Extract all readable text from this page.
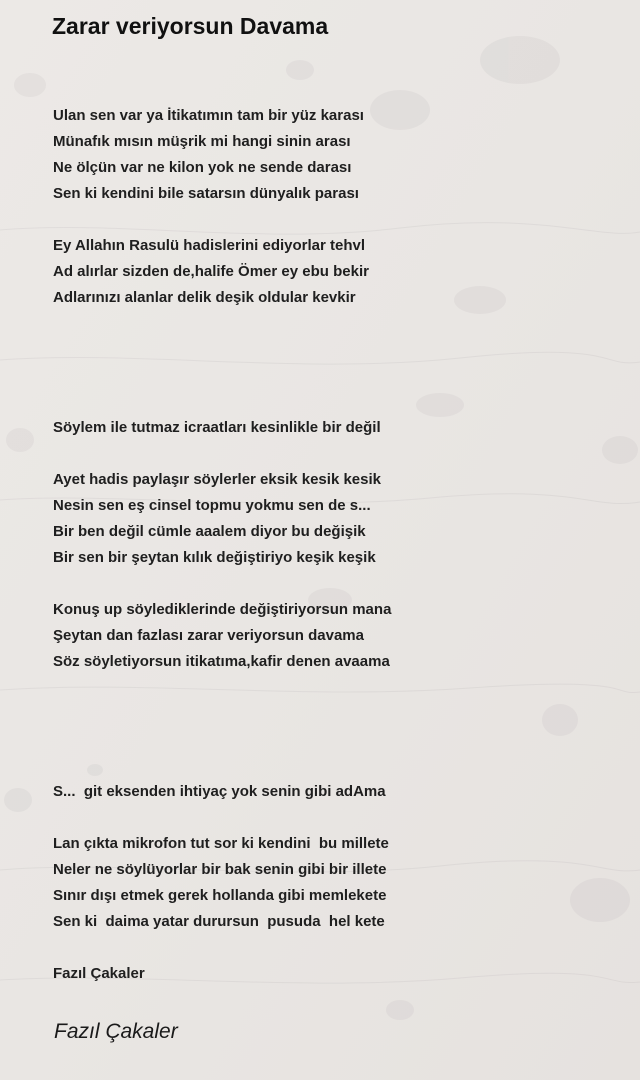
Zarar veriyorsun Davama
Ulan sen var ya İtikatımın tam bir yüz karası
Münafık mısın müşrik mi hangi sinin arası
Ne ölçün var ne kilon yok ne sende darası
Sen ki kendini bile satarsın dünyalık parası
Ey Allahın Rasulü hadislerini ediyorlar tehvl
Ad alırlar sizden de,halife Ömer ey ebu bekir
Adlarınızı alanlar delik deşik oldular kevkir
Söylem ile tutmaz icraatları kesinlikle bir değil
Ayet hadis paylaşır söylerler eksik kesik kesik
Nesin sen eş cinsel topmu yokmu sen de s...
Bir ben değil cümle aaalem diyor bu değişik
Bir sen bir şeytan kılık değiştiriyo keşik keşik
Konuş up söylediklerinde değiştiriyorsun mana
Şeytan dan fazlası zarar veriyorsun davama
Söz söyletiyorsun itikatıma,kafir denen avaama
S...  git eksenden ihtiyaç yok senin gibi adAma
Lan çıkta mikrofon tut sor ki kendini  bu millete
Neler ne söylüyorlar bir bak senin gibi bir illete
Sınır dışı etmek gerek hollanda gibi memlekete
Sen ki  daima yatar durursun  pusuda  hel kete
Fazıl Çakaler

Fazıl Çakaler
